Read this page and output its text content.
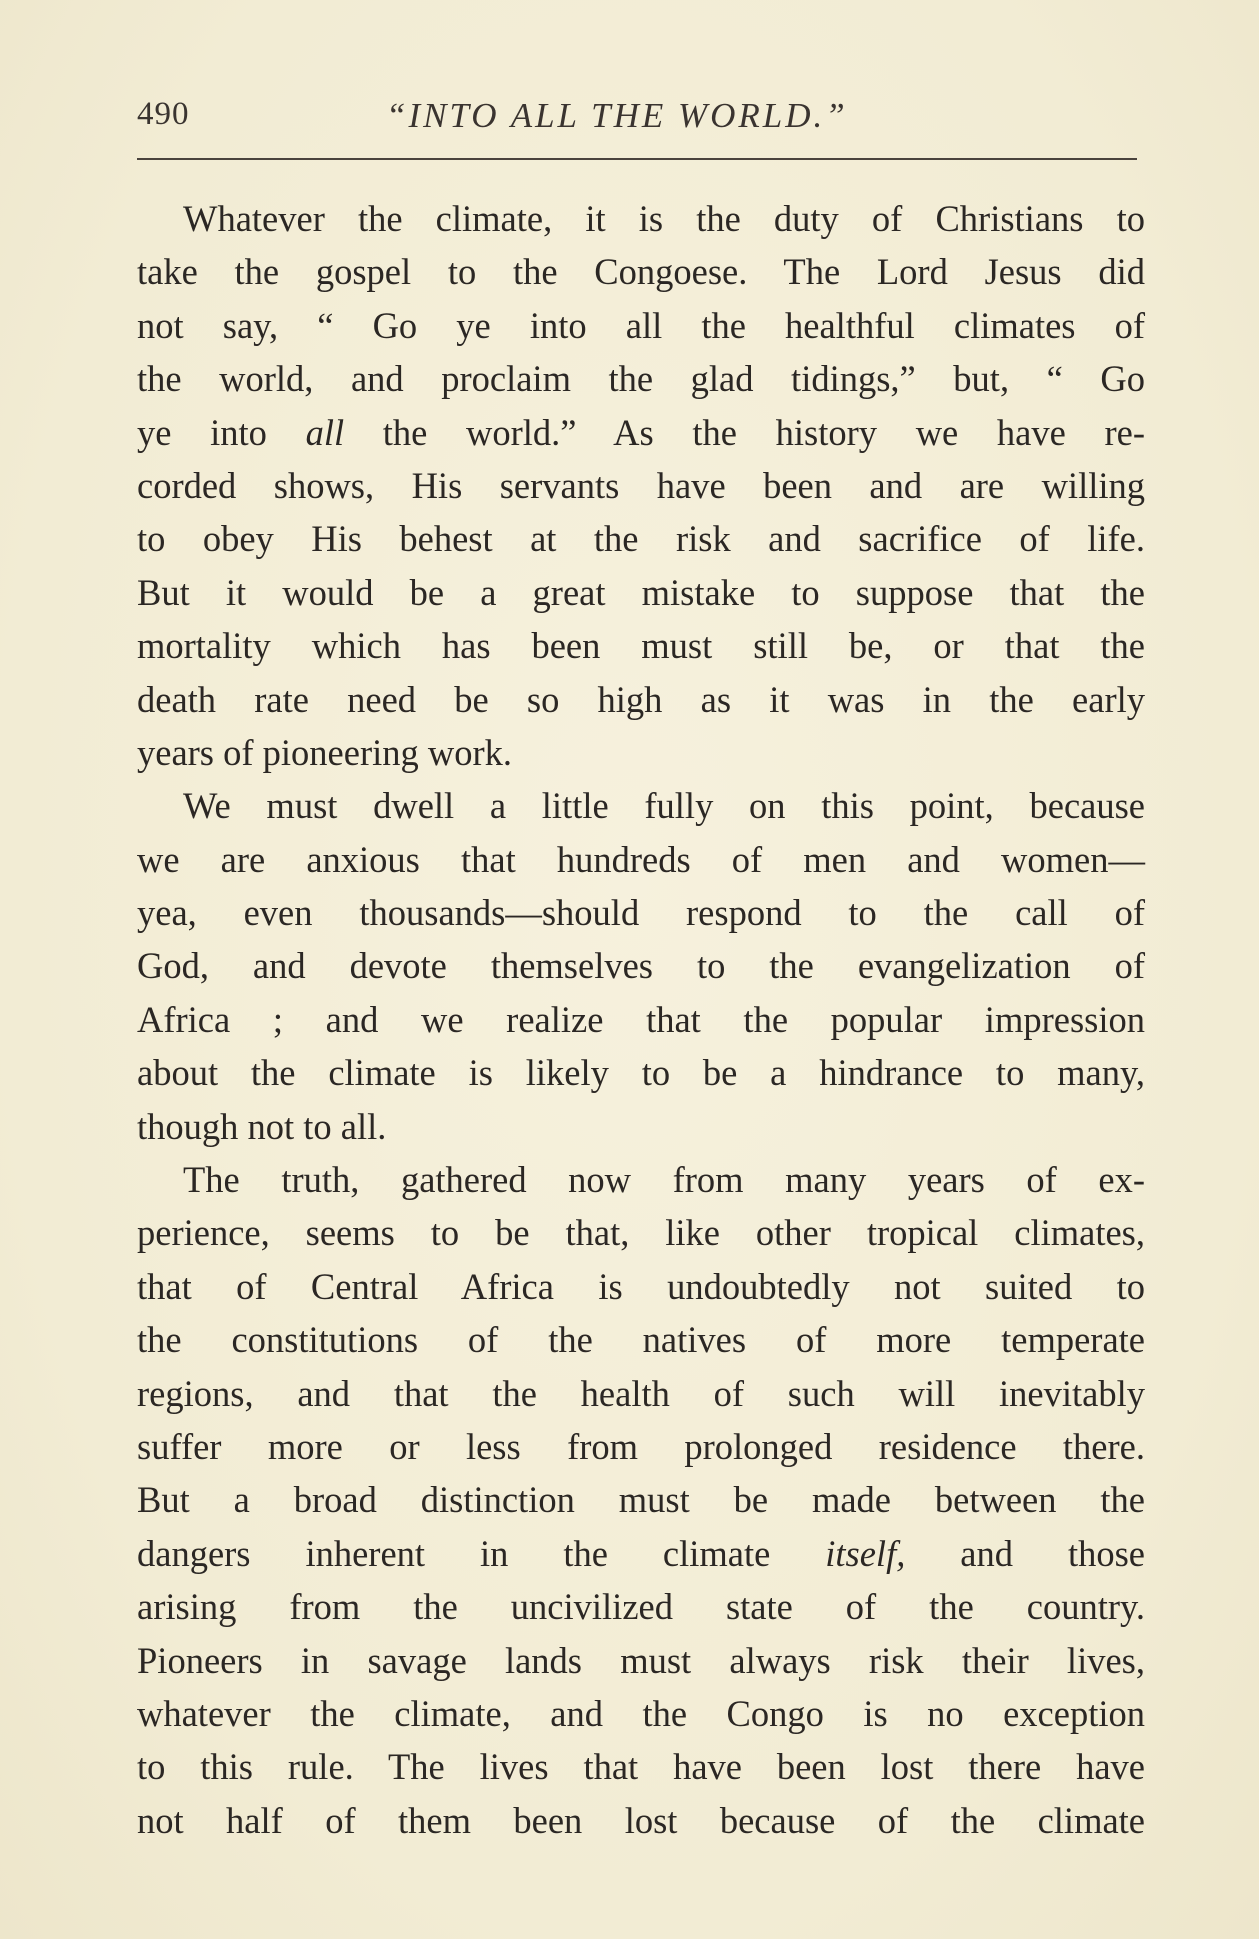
490	“INTO ALL THE WORLD.”
Whatever the climate, it is the duty of Christians to
take the gospel to the Congoese. The Lord Jesus did
not say, “ Go ye into all the healthful climates of
the world, and proclaim the glad tidings,” but, “ Go
ye into all the world.” As the history we have re-
corded shows, His servants have been and are willing
to obey His behest at the risk and sacrifice of life.
But it would be a great mistake to suppose that the
mortality which has been must still be, or that the
death rate need be so high as it was in the early
years of pioneering work.
We must dwell a little fully on this point, because
we are anxious that hundreds of men and women—
yea, even thousands—should respond to the call of
God, and devote themselves to the evangelization of
Africa ; and we realize that the popular impression
about the climate is likely to be a hindrance to many,
though not to all.
The truth, gathered now from many years of ex-
perience, seems to be that, like other tropical climates,
that of Central Africa is undoubtedly not suited to
the constitutions of the natives of more temperate
regions, and that the health of such will inevitably
suffer more or less from prolonged residence there.
But a broad distinction must be made between the
dangers inherent in the climate itself, and those
arising from the uncivilized state of the country.
Pioneers in savage lands must always risk their lives,
whatever the climate, and the Congo is no exception
to this rule. The lives that have been lost there have
not half of them been lost because of the climate
